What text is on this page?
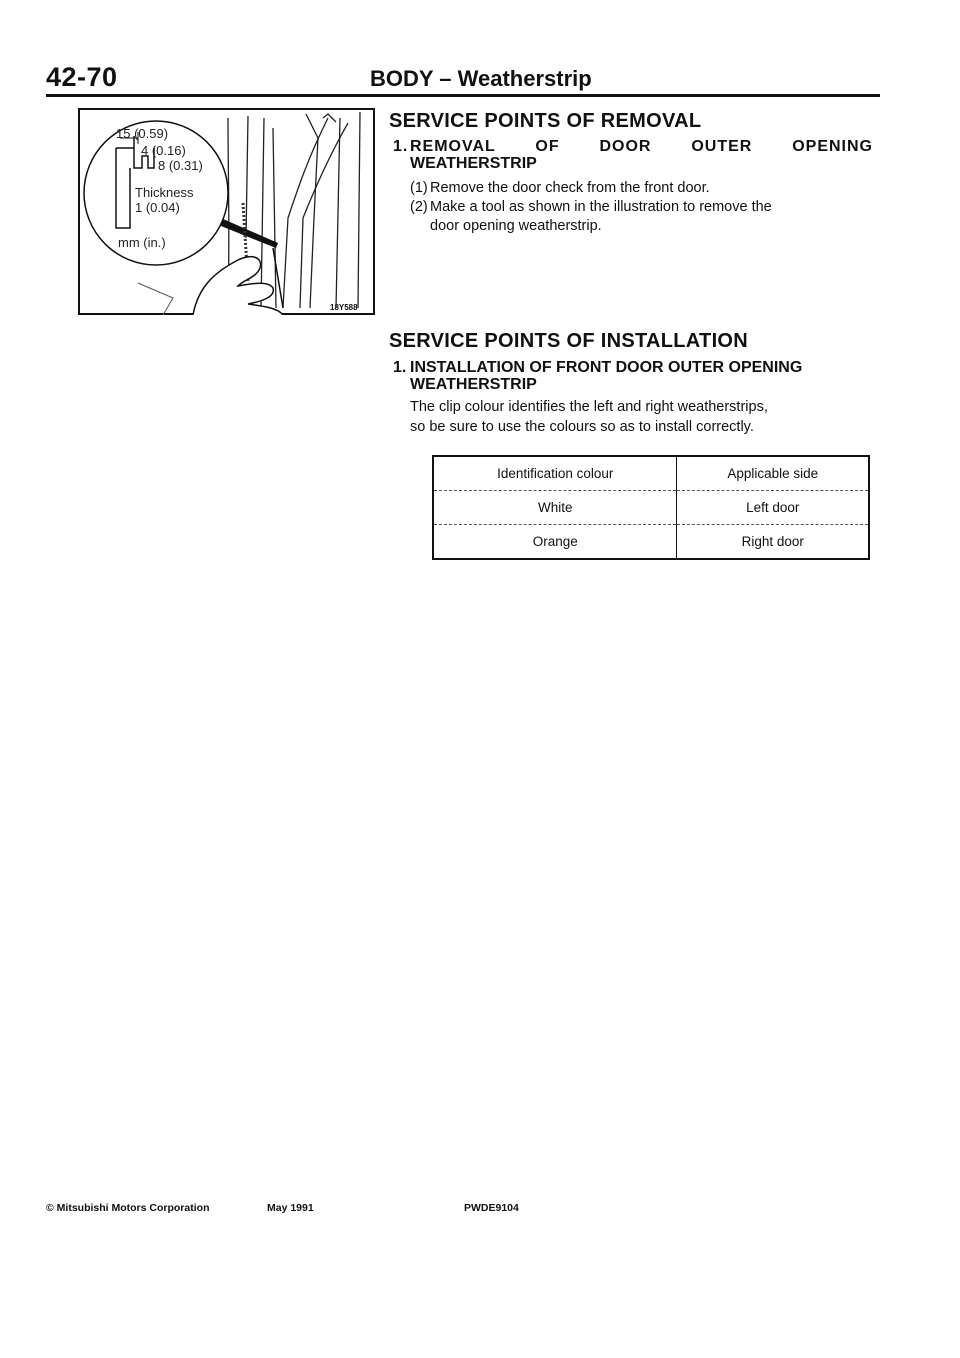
42-70	BODY – Weatherstrip
15 (0.59)
4 (0.16)
8 (0.31)
Thickness
1 (0.04)
mm (in.)
18Y588
SERVICE POINTS OF REMOVAL
1. REMOVAL OF DOOR OUTER OPENING
WEATHERSTRIP
(1) Remove the door check from the front door.
(2) Make a tool as shown in the illustration to remove the
door opening weatherstrip.
SERVICE POINTS OF INSTALLATION
1. INSTALLATION OF FRONT DOOR OUTER OPENING
WEATHERSTRIP
The clip colour identifies the left and right weatherstrips,
so be sure to use the colours so as to install correctly.
Identification colour	Applicable side
White	Left door
Orange	Right door
© Mitsubishi Motors Corporation	May 1991	PWDE9104
